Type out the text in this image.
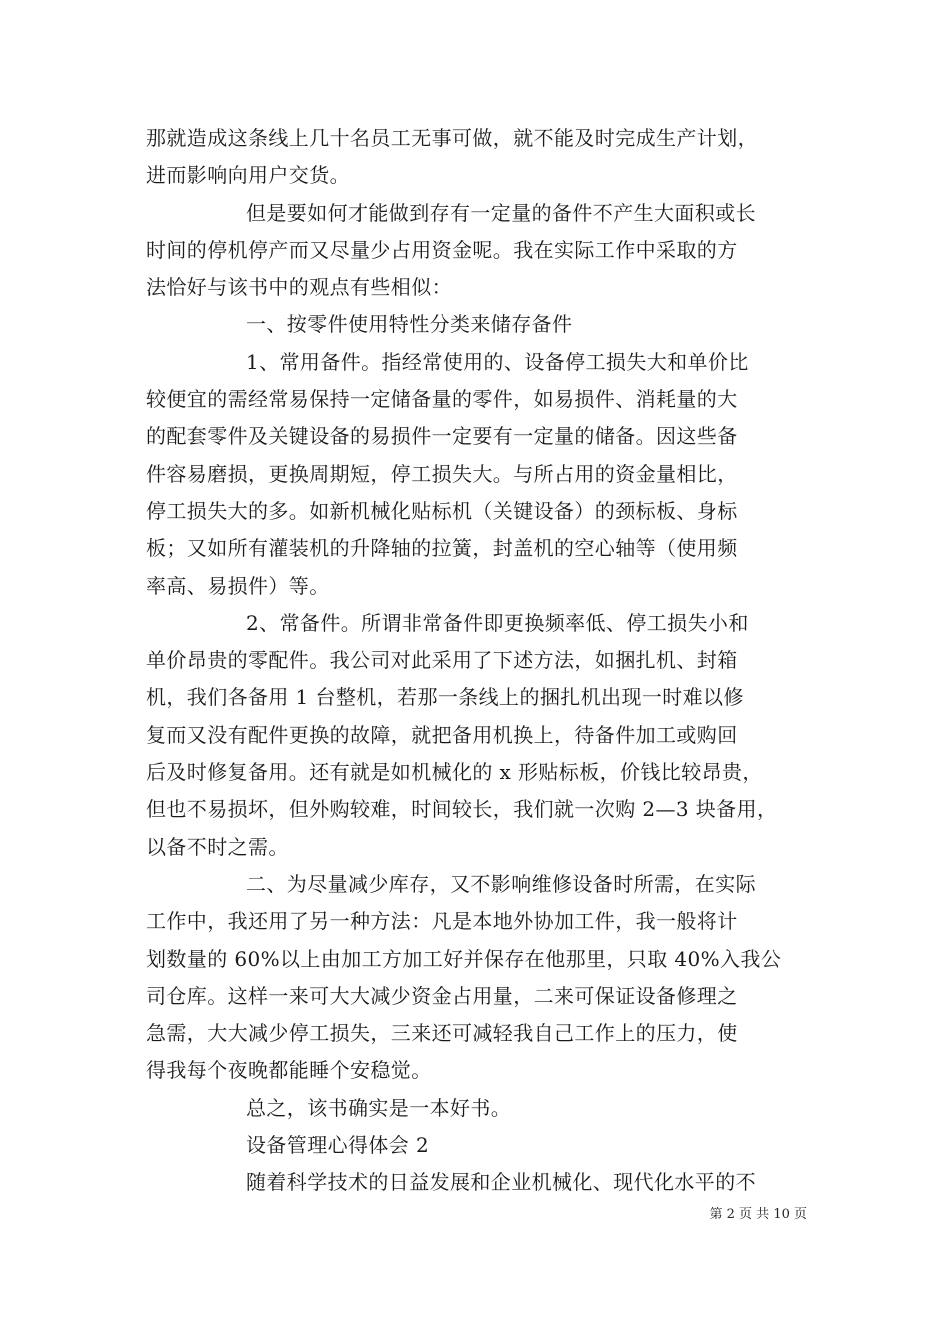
那就造成这条线上几十名员工无事可做，就不能及时完成生产计划，
进而影响向用户交货。
但是要如何才能做到存有一定量的备件不产生大面积或长
时间的停机停产而又尽量少占用资金呢。我在实际工作中采取的方
法恰好与该书中的观点有些相似：
一、按零件使用特性分类来储存备件
1、常用备件。指经常使用的、设备停工损失大和单价比
较便宜的需经常易保持一定储备量的零件，如易损件、消耗量的大
的配套零件及关键设备的易损件一定要有一定量的储备。因这些备
件容易磨损，更换周期短，停工损失大。与所占用的资金量相比，
停工损失大的多。如新机械化贴标机（关键设备）的颈标板、身标
板；又如所有灌装机的升降轴的拉簧，封盖机的空心轴等（使用频
率高、易损件）等。
2、常备件。所谓非常备件即更换频率低、停工损失小和
单价昂贵的零配件。我公司对此采用了下述方法，如捆扎机、封箱
机，我们各备用 1 台整机，若那一条线上的捆扎机出现一时难以修
复而又没有配件更换的故障，就把备用机换上，待备件加工或购回
后及时修复备用。还有就是如机械化的 x 形贴标板，价钱比较昂贵，
但也不易损坏，但外购较难，时间较长，我们就一次购 2—3 块备用，
以备不时之需。
二、为尽量减少库存，又不影响维修设备时所需，在实际
工作中，我还用了另一种方法：凡是本地外协加工件，我一般将计
划数量的 60%以上由加工方加工好并保存在他那里，只取 40%入我公
司仓库。这样一来可大大减少资金占用量，二来可保证设备修理之
急需，大大减少停工损失，三来还可减轻我自己工作上的压力，使
得我每个夜晚都能睡个安稳觉。
总之，该书确实是一本好书。
设备管理心得体会 2
随着科学技术的日益发展和企业机械化、现代化水平的不
第 2 页 共 10 页
